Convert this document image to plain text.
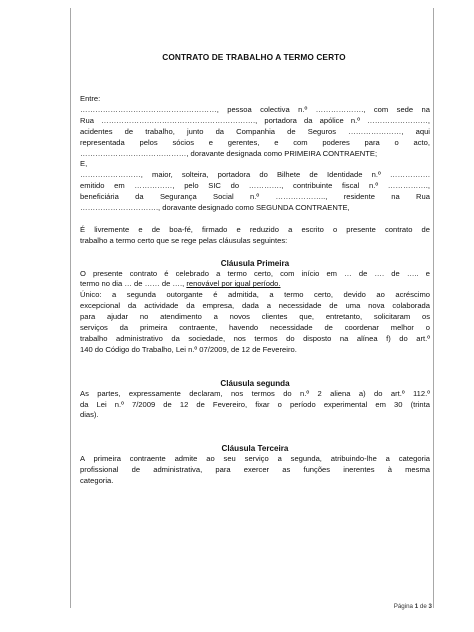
CONTRATO DE TRABALHO A TERMO CERTO

Entre:

………………………………………………, pessoa colectiva n.º ………………., com sede na

Rua ……………………………………………………., portadora da apólice n.º ……………………,

acidentes de trabalho, junto da Companhia de Seguros …………………, aqui

representada pelos sócios e gerentes, e com poderes para o acto,

……………………………………, doravante designada como PRIMEIRA CONTRAENTE;

E,

……………………, maior, solteira, portadora do Bilhete de Identidade n.º …………….

emitido em ……………, pelo SIC do …………., contribuinte fiscal n.º …………….,

beneficiária da Segurança Social n.º ……………….., residente na Rua

…………………………., doravante designado como SEGUNDA CONTRAENTE,

É livremente e de boa-fé, firmado e reduzido a escrito o presente contrato de

trabalho a termo certo que se rege pelas cláusulas seguintes:

Cláusula Primeira

O presente contrato é celebrado a termo certo, com início em … de …. de ….. e

termo no dia … de …… de …., renovável por igual período.

Único: a segunda outorgante é admitida, a termo certo, devido ao acréscimo

excepcional da actividade da empresa, dada a necessidade de uma nova colaborada

para ajudar no atendimento a novos clientes que, entretanto, solicitaram os

serviços da primeira contraente, havendo necessidade de coordenar melhor o

trabalho administrativo da sociedade, nos termos do disposto na alínea f) do art.º

140 do Código do Trabalho, Lei n.º 07/2009, de 12 de Fevereiro.

Cláusula segunda

As partes, expressamente declaram, nos termos do n.º 2 aliena a) do art.º 112.º

da Lei n.º 7/2009 de 12 de Fevereiro, fixar o período experimental em 30 (trinta

dias).

Cláusula Terceira

A primeira contraente admite ao seu serviço a segunda, atribuindo-lhe a categoria

profissional de administrativa, para exercer as funções inerentes à mesma

categoria.

Página 1 de 3
